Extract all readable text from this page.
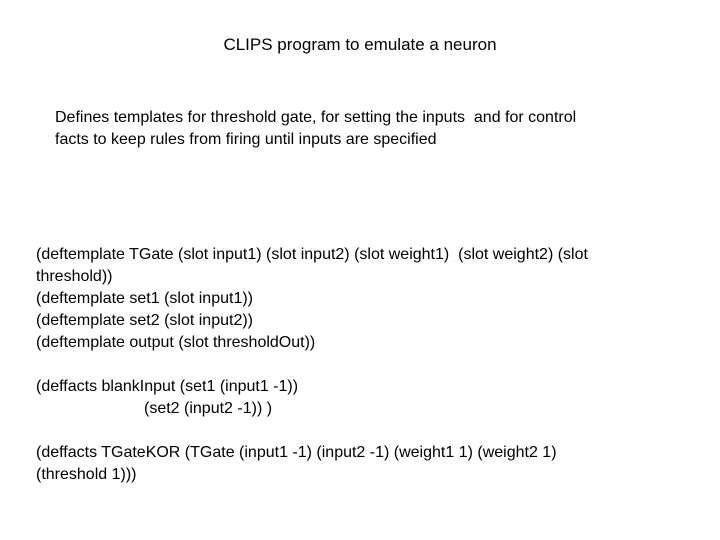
CLIPS program to emulate a neuron

Defines templates for threshold gate, for setting the inputs  and for control
facts to keep rules from firing until inputs are specified

(deftemplate TGate (slot input1) (slot input2) (slot weight1)  (slot weight2) (slot
threshold))
(deftemplate set1 (slot input1))
(deftemplate set2 (slot input2))
(deftemplate output (slot thresholdOut))
(deffacts blankInput (set1 (input1 -1))
(set2 (input2 -1)) )
(deffacts TGateKOR (TGate (input1 -1) (input2 -1) (weight1 1) (weight2 1)
(threshold 1)))
